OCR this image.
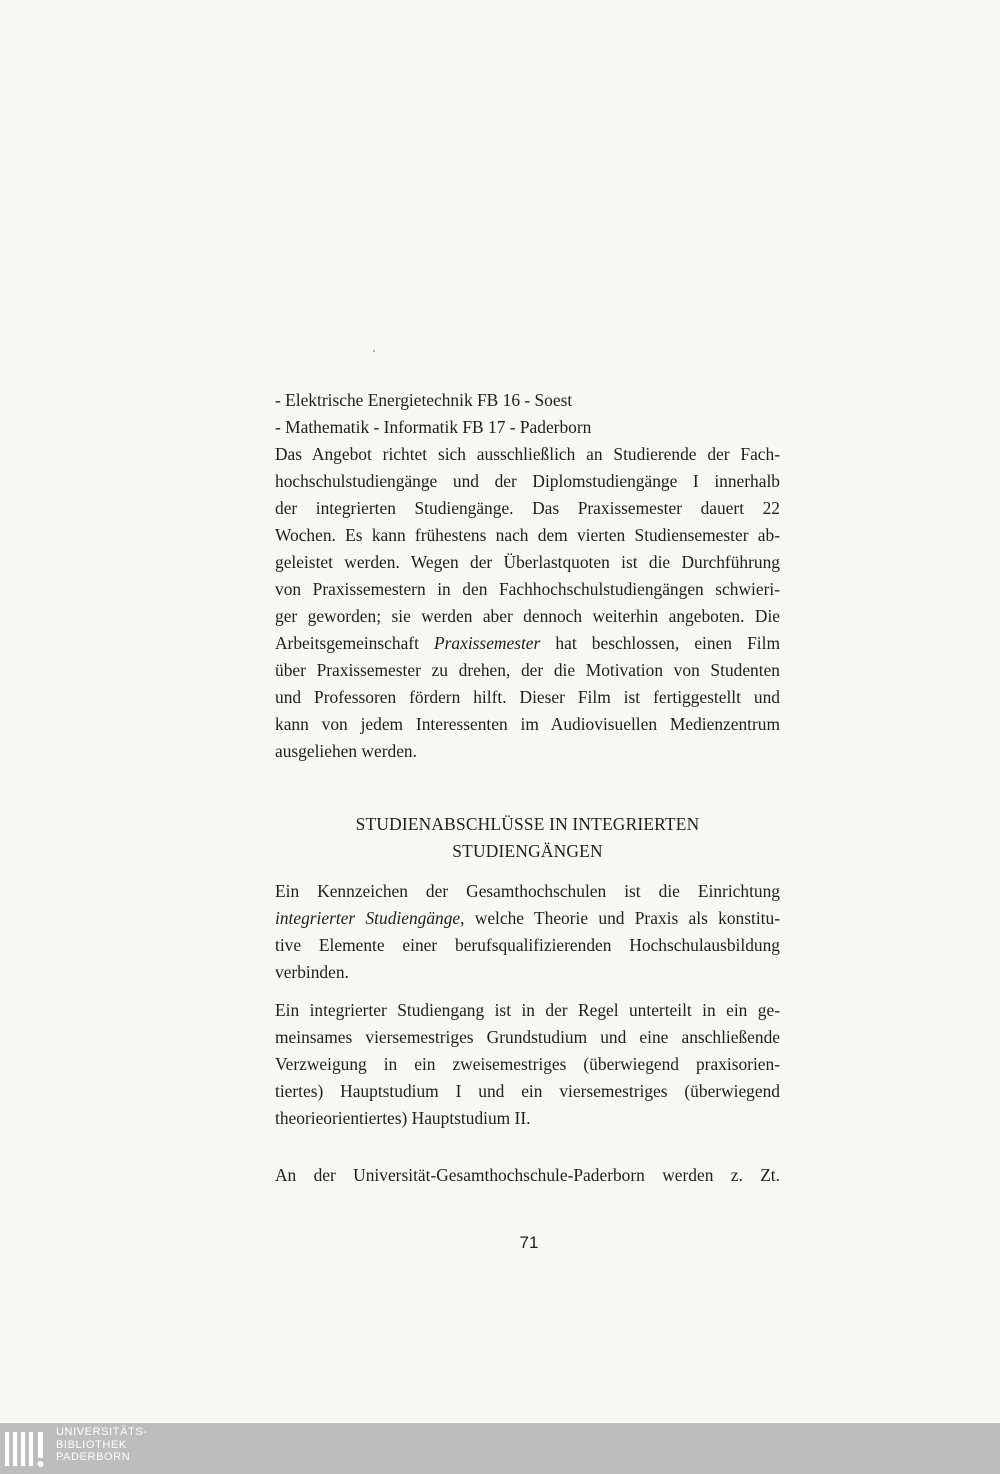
- Elektrische Energietechnik FB 16 - Soest
- Mathematik - Informatik FB 17 - Paderborn
Das Angebot richtet sich ausschließlich an Studierende der Fach-
hochschulstudiengänge und der Diplomstudiengänge I innerhalb
der integrierten Studiengänge. Das Praxissemester dauert 22
Wochen. Es kann frühestens nach dem vierten Studiensemester ab-
geleistet werden. Wegen der Überlastquoten ist die Durchführung
von Praxissemestern in den Fachhochschulstudiengängen schwieri-
ger geworden; sie werden aber dennoch weiterhin angeboten. Die
Arbeitsgemeinschaft Praxissemester hat beschlossen, einen Film
über Praxissemester zu drehen, der die Motivation von Studenten
und Professoren fördern hilft. Dieser Film ist fertiggestellt und
kann von jedem Interessenten im Audiovisuellen Medienzentrum
ausgeliehen werden.
STUDIENABSCHLÜSSE IN INTEGRIERTEN
STUDIENGÄNGEN
Ein Kennzeichen der Gesamthochschulen ist die Einrichtung
integrierter Studiengänge, welche Theorie und Praxis als konstitu-
tive Elemente einer berufsqualifizierenden Hochschulausbildung
verbinden.
Ein integrierter Studiengang ist in der Regel unterteilt in ein ge-
meinsames viersemestriges Grundstudium und eine anschließende
Verzweigung in ein zweisemestriges (überwiegend praxisorien-
tiertes) Hauptstudium I und ein viersemestriges (überwiegend
theorieorientiertes) Hauptstudium II.
An der Universität-Gesamthochschule-Paderborn werden z. Zt.
71
UNIVERSITÄTS-
BIBLIOTHEK
PADERBORN
